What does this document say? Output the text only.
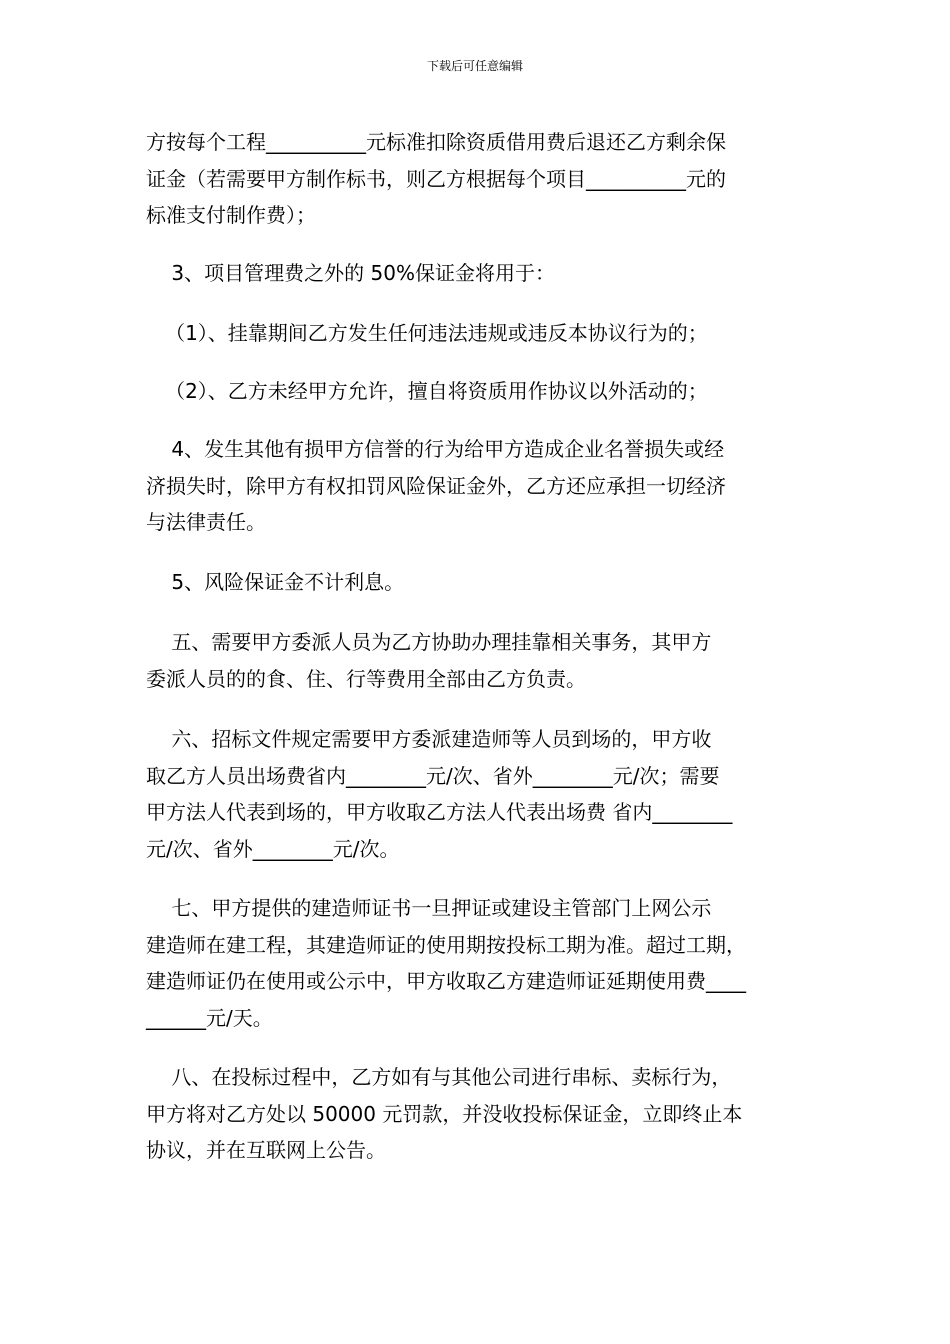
下载后可任意编辑
方按每个工程__________元标准扣除资质借用费后退还乙方剩余保
证金（若需要甲方制作标书，则乙方根据每个项目__________元的
标准支付制作费）；
3、项目管理费之外的 50%保证金将用于：
（1）、挂靠期间乙方发生任何违法违规或违反本协议行为的；
（2）、乙方未经甲方允许，擅自将资质用作协议以外活动的；
4、发生其他有损甲方信誉的行为给甲方造成企业名誉损失或经
济损失时，除甲方有权扣罚风险保证金外，乙方还应承担一切经济
与法律责任。
5、风险保证金不计利息。
五、需要甲方委派人员为乙方协助办理挂靠相关事务，其甲方
委派人员的的食、住、行等费用全部由乙方负责。
六、招标文件规定需要甲方委派建造师等人员到场的，甲方收
取乙方人员出场费省内________元/次、省外________元/次；需要
甲方法人代表到场的，甲方收取乙方法人代表出场费 省内________
元/次、省外________元/次。
七、甲方提供的建造师证书一旦押证或建设主管部门上网公示
建造师在建工程，其建造师证的使用期按投标工期为准。超过工期，
建造师证仍在使用或公示中，甲方收取乙方建造师证延期使用费____
______元/天。
八、在投标过程中，乙方如有与其他公司进行串标、卖标行为，
甲方将对乙方处以 50000 元罚款，并没收投标保证金，立即终止本
协议，并在互联网上公告。
